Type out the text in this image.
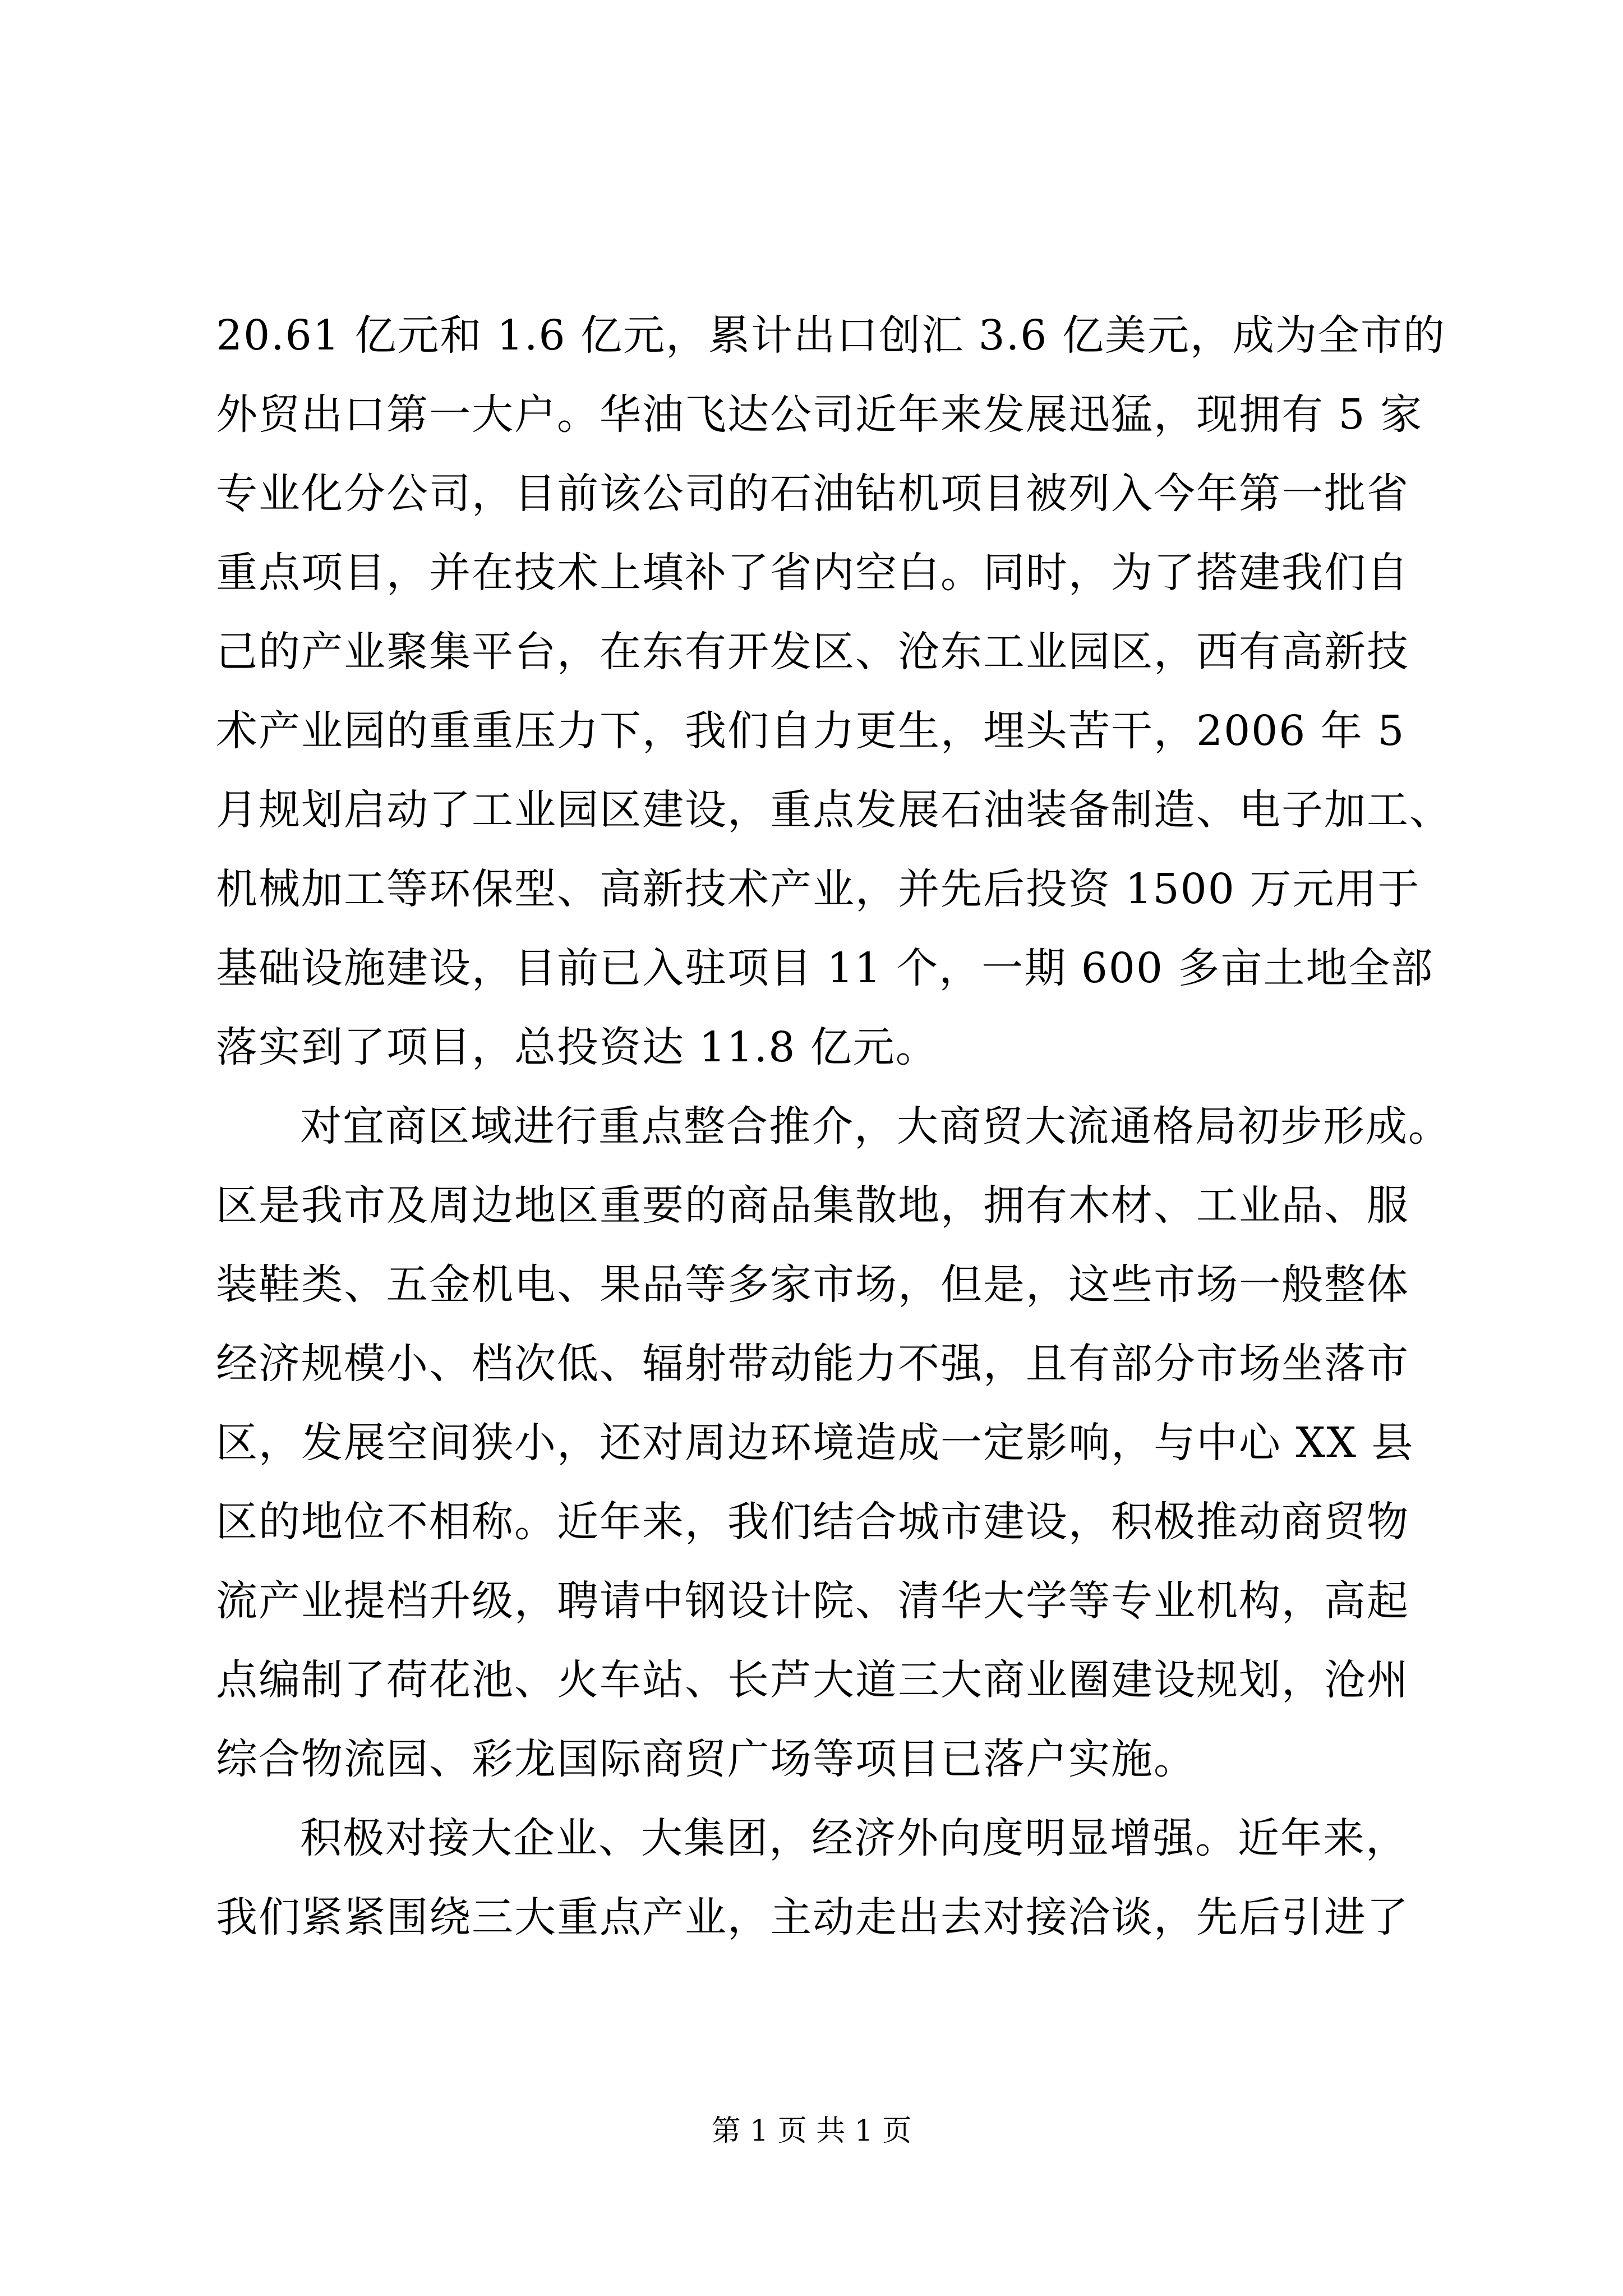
20.61 亿元和 1.6 亿元，累计出口创汇 3.6 亿美元，成为全市的
外贸出口第一大户。华油飞达公司近年来发展迅猛，现拥有 5 家
专业化分公司，目前该公司的石油钻机项目被列入今年第一批省
重点项目，并在技术上填补了省内空白。同时，为了搭建我们自
己的产业聚集平台，在东有开发区、沧东工业园区，西有高新技
术产业园的重重压力下，我们自力更生，埋头苦干，2006 年 5
月规划启动了工业园区建设，重点发展石油装备制造、电子加工、
机械加工等环保型、高新技术产业，并先后投资 1500 万元用于
基础设施建设，目前已入驻项目 11 个，一期 600 多亩土地全部
落实到了项目，总投资达 11.8 亿元。
对宜商区域进行重点整合推介，大商贸大流通格局初步形成。
区是我市及周边地区重要的商品集散地，拥有木材、工业品、服
装鞋类、五金机电、果品等多家市场，但是，这些市场一般整体
经济规模小、档次低、辐射带动能力不强，且有部分市场坐落市
区，发展空间狭小，还对周边环境造成一定影响，与中心 XX 县
区的地位不相称。近年来，我们结合城市建设，积极推动商贸物
流产业提档升级，聘请中钢设计院、清华大学等专业机构，高起
点编制了荷花池、火车站、长芦大道三大商业圈建设规划，沧州
综合物流园、彩龙国际商贸广场等项目已落户实施。
积极对接大企业、大集团，经济外向度明显增强。近年来，
我们紧紧围绕三大重点产业，主动走出去对接洽谈，先后引进了
第 1 页 共 1 页
